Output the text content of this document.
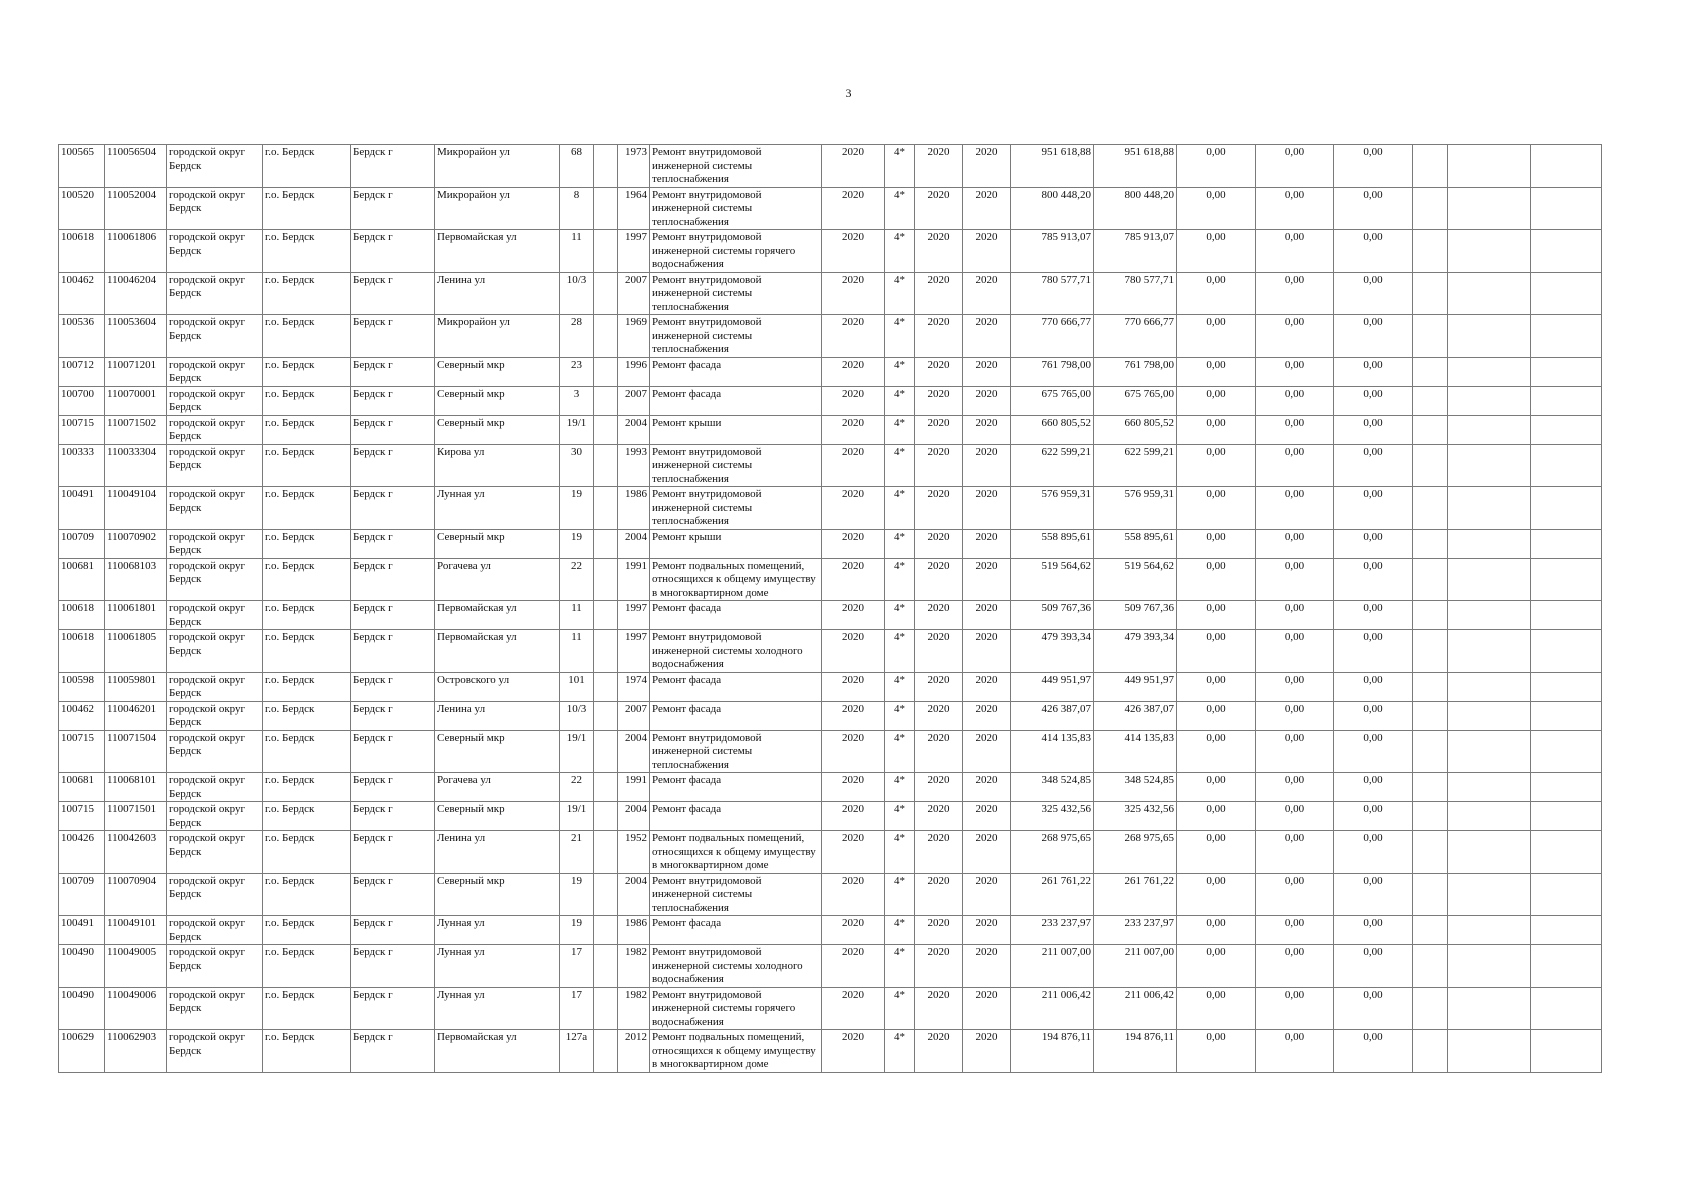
3
100565	110056504	городской округ Бердск	г.о. Бердск	Бердск г	Микрорайон ул	68		1973	Ремонт внутридомовой инженерной системы теплоснабжения	2020	4*	2020	2020	951 618,88	951 618,88	0,00	0,00	0,00			
100520	110052004	городской округ Бердск	г.о. Бердск	Бердск г	Микрорайон ул	8		1964	Ремонт внутридомовой инженерной системы теплоснабжения	2020	4*	2020	2020	800 448,20	800 448,20	0,00	0,00	0,00			
100618	110061806	городской округ Бердск	г.о. Бердск	Бердск г	Первомайская ул	11		1997	Ремонт внутридомовой инженерной системы горячего водоснабжения	2020	4*	2020	2020	785 913,07	785 913,07	0,00	0,00	0,00			
100462	110046204	городской округ Бердск	г.о. Бердск	Бердск г	Ленина ул	10/3		2007	Ремонт внутридомовой инженерной системы теплоснабжения	2020	4*	2020	2020	780 577,71	780 577,71	0,00	0,00	0,00			
100536	110053604	городской округ Бердск	г.о. Бердск	Бердск г	Микрорайон ул	28		1969	Ремонт внутридомовой инженерной системы теплоснабжения	2020	4*	2020	2020	770 666,77	770 666,77	0,00	0,00	0,00			
100712	110071201	городской округ Бердск	г.о. Бердск	Бердск г	Северный мкр	23		1996	Ремонт фасада	2020	4*	2020	2020	761 798,00	761 798,00	0,00	0,00	0,00			
100700	110070001	городской округ Бердск	г.о. Бердск	Бердск г	Северный мкр	3		2007	Ремонт фасада	2020	4*	2020	2020	675 765,00	675 765,00	0,00	0,00	0,00			
100715	110071502	городской округ Бердск	г.о. Бердск	Бердск г	Северный мкр	19/1		2004	Ремонт крыши	2020	4*	2020	2020	660 805,52	660 805,52	0,00	0,00	0,00			
100333	110033304	городской округ Бердск	г.о. Бердск	Бердск г	Кирова ул	30		1993	Ремонт внутридомовой инженерной системы теплоснабжения	2020	4*	2020	2020	622 599,21	622 599,21	0,00	0,00	0,00			
100491	110049104	городской округ Бердск	г.о. Бердск	Бердск г	Лунная ул	19		1986	Ремонт внутридомовой инженерной системы теплоснабжения	2020	4*	2020	2020	576 959,31	576 959,31	0,00	0,00	0,00			
100709	110070902	городской округ Бердск	г.о. Бердск	Бердск г	Северный мкр	19		2004	Ремонт крыши	2020	4*	2020	2020	558 895,61	558 895,61	0,00	0,00	0,00			
100681	110068103	городской округ Бердск	г.о. Бердск	Бердск г	Рогачева ул	22		1991	Ремонт подвальных помещений, относящихся к общему имуществу в многоквартирном доме	2020	4*	2020	2020	519 564,62	519 564,62	0,00	0,00	0,00			
100618	110061801	городской округ Бердск	г.о. Бердск	Бердск г	Первомайская ул	11		1997	Ремонт фасада	2020	4*	2020	2020	509 767,36	509 767,36	0,00	0,00	0,00			
100618	110061805	городской округ Бердск	г.о. Бердск	Бердск г	Первомайская ул	11		1997	Ремонт внутридомовой инженерной системы холодного водоснабжения	2020	4*	2020	2020	479 393,34	479 393,34	0,00	0,00	0,00			
100598	110059801	городской округ Бердск	г.о. Бердск	Бердск г	Островского ул	101		1974	Ремонт фасада	2020	4*	2020	2020	449 951,97	449 951,97	0,00	0,00	0,00			
100462	110046201	городской округ Бердск	г.о. Бердск	Бердск г	Ленина ул	10/3		2007	Ремонт фасада	2020	4*	2020	2020	426 387,07	426 387,07	0,00	0,00	0,00			
100715	110071504	городской округ Бердск	г.о. Бердск	Бердск г	Северный мкр	19/1		2004	Ремонт внутридомовой инженерной системы теплоснабжения	2020	4*	2020	2020	414 135,83	414 135,83	0,00	0,00	0,00			
100681	110068101	городской округ Бердск	г.о. Бердск	Бердск г	Рогачева ул	22		1991	Ремонт фасада	2020	4*	2020	2020	348 524,85	348 524,85	0,00	0,00	0,00			
100715	110071501	городской округ Бердск	г.о. Бердск	Бердск г	Северный мкр	19/1		2004	Ремонт фасада	2020	4*	2020	2020	325 432,56	325 432,56	0,00	0,00	0,00			
100426	110042603	городской округ Бердск	г.о. Бердск	Бердск г	Ленина ул	21		1952	Ремонт подвальных помещений, относящихся к общему имуществу в многоквартирном доме	2020	4*	2020	2020	268 975,65	268 975,65	0,00	0,00	0,00			
100709	110070904	городской округ Бердск	г.о. Бердск	Бердск г	Северный мкр	19		2004	Ремонт внутридомовой инженерной системы теплоснабжения	2020	4*	2020	2020	261 761,22	261 761,22	0,00	0,00	0,00			
100491	110049101	городской округ Бердск	г.о. Бердск	Бердск г	Лунная ул	19		1986	Ремонт фасада	2020	4*	2020	2020	233 237,97	233 237,97	0,00	0,00	0,00			
100490	110049005	городской округ Бердск	г.о. Бердск	Бердск г	Лунная ул	17		1982	Ремонт внутридомовой инженерной системы холодного водоснабжения	2020	4*	2020	2020	211 007,00	211 007,00	0,00	0,00	0,00			
100490	110049006	городской округ Бердск	г.о. Бердск	Бердск г	Лунная ул	17		1982	Ремонт внутридомовой инженерной системы горячего водоснабжения	2020	4*	2020	2020	211 006,42	211 006,42	0,00	0,00	0,00			
100629	110062903	городской округ Бердск	г.о. Бердск	Бердск г	Первомайская ул	127а		2012	Ремонт подвальных помещений, относящихся к общему имуществу в многоквартирном доме	2020	4*	2020	2020	194 876,11	194 876,11	0,00	0,00	0,00			
